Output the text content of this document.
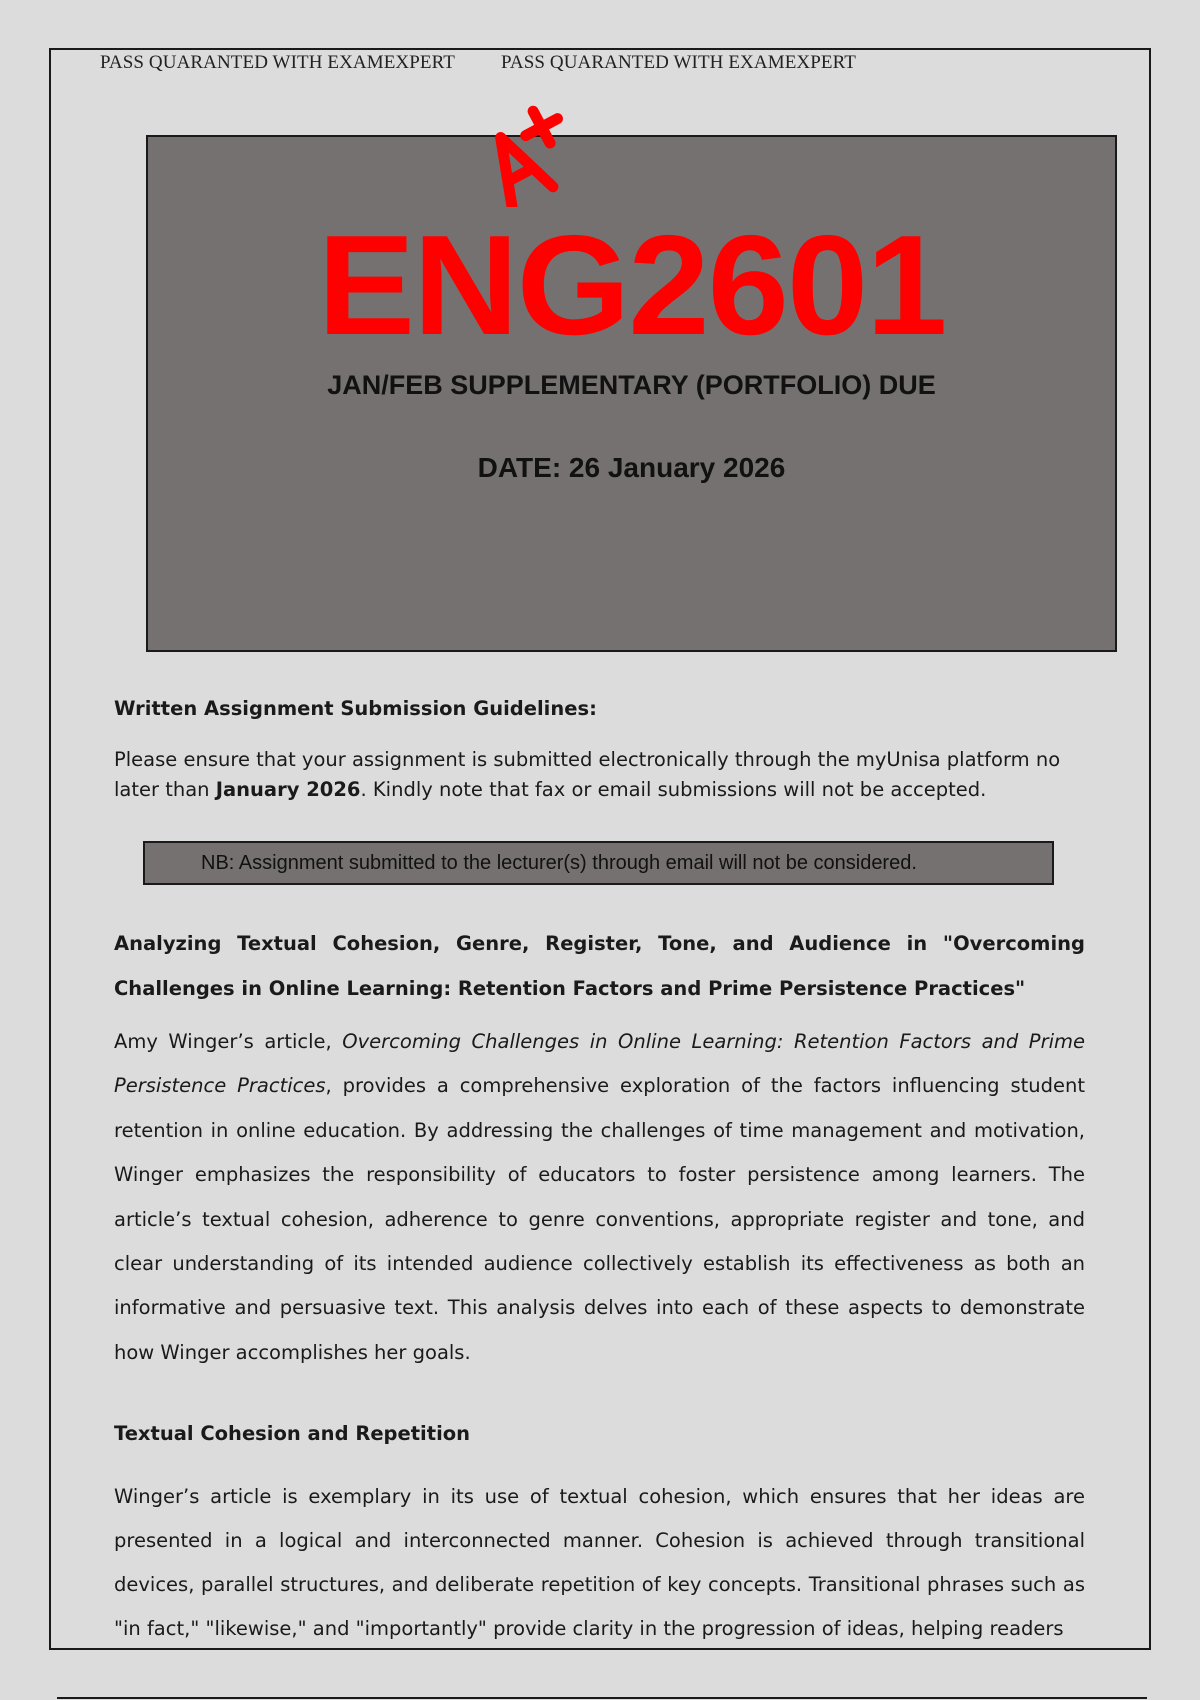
PASS QUARANTED WITH EXAMEXPERT PASS QUARANTED WITH EXAMEXPERT
ENG2601
JAN/FEB SUPPLEMENTARY (PORTFOLIO) DUE
DATE: 26 January 2026
Written Assignment Submission Guidelines:
Please ensure that your assignment is submitted electronically through the myUnisa platform no later than January 2026. Kindly note that fax or email submissions will not be accepted.
NB: Assignment submitted to the lecturer(s) through email will not be considered.
Analyzing Textual Cohesion, Genre, Register, Tone, and Audience in "Overcoming Challenges in Online Learning: Retention Factors and Prime Persistence Practices"
Amy Winger’s article, Overcoming Challenges in Online Learning: Retention Factors and Prime Persistence Practices, provides a comprehensive exploration of the factors influencing student retention in online education. By addressing the challenges of time management and motivation, Winger emphasizes the responsibility of educators to foster persistence among learners. The article’s textual cohesion, adherence to genre conventions, appropriate register and tone, and clear understanding of its intended audience collectively establish its effectiveness as both an informative and persuasive text. This analysis delves into each of these aspects to demonstrate how Winger accomplishes her goals.
Textual Cohesion and Repetition
Winger’s article is exemplary in its use of textual cohesion, which ensures that her ideas are presented in a logical and interconnected manner. Cohesion is achieved through transitional devices, parallel structures, and deliberate repetition of key concepts. Transitional phrases such as "in fact," "likewise," and "importantly" provide clarity in the progression of ideas, helping readers
